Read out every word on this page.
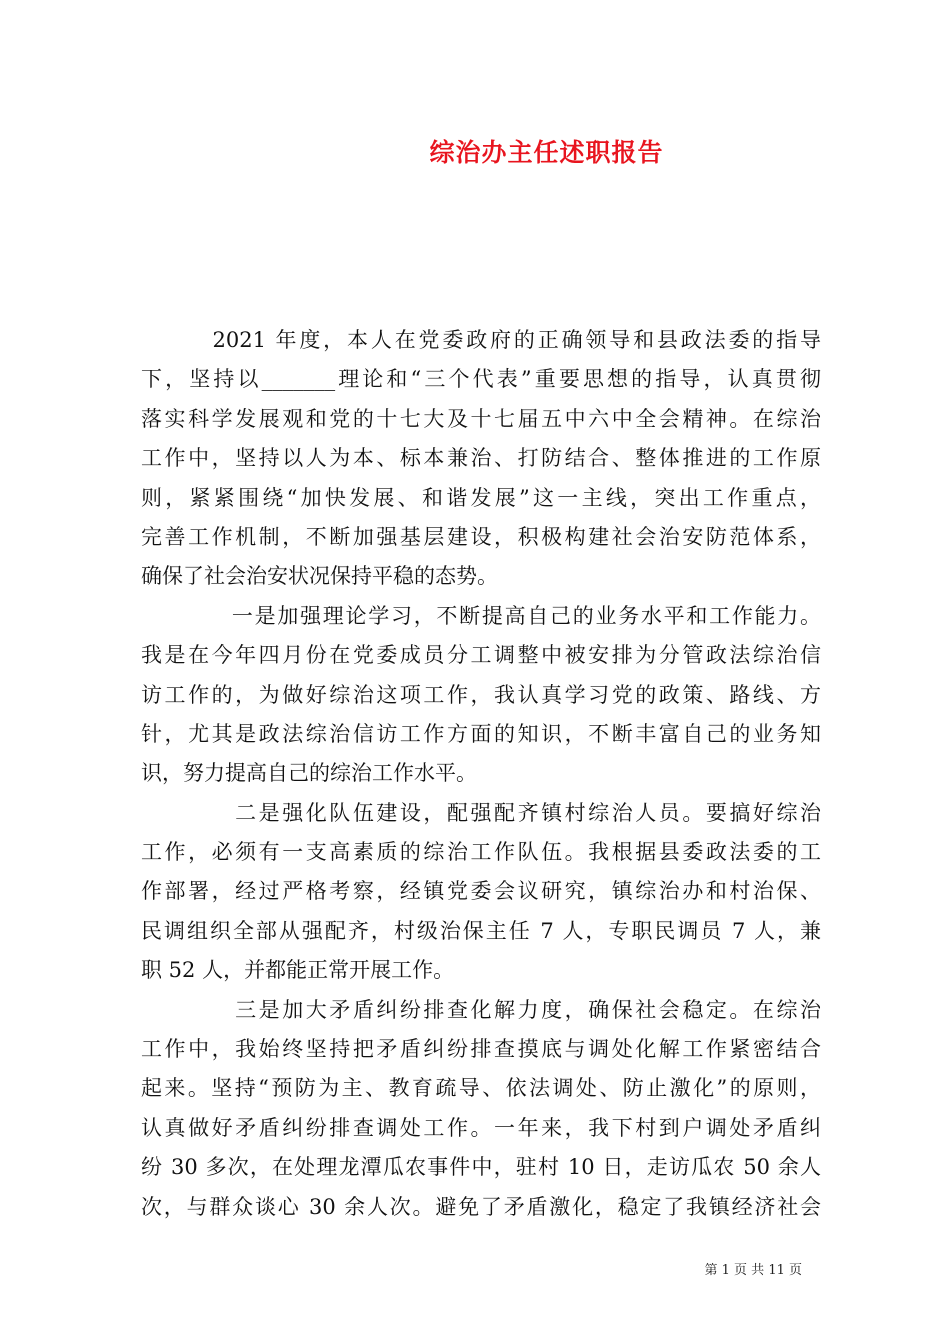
综治办主任述职报告
　　　2021 年度，本人在党委政府的正确领导和县政法委的指导
下，坚持以_______理论和“三个代表”重要思想的指导，认真贯彻
落实科学发展观和党的十七大及十七届五中六中全会精神。在综治
工作中，坚持以人为本、标本兼治、打防结合、整体推进的工作原
则，紧紧围绕“加快发展、和谐发展”这一主线，突出工作重点，
完善工作机制，不断加强基层建设，积极构建社会治安防范体系，
确保了社会治安状况保持平稳的态势。
　　　　一是加强理论学习，不断提高自己的业务水平和工作能力。
我是在今年四月份在党委成员分工调整中被安排为分管政法综治信
访工作的，为做好综治这项工作，我认真学习党的政策、路线、方
针，尤其是政法综治信访工作方面的知识，不断丰富自己的业务知
识，努力提高自己的综治工作水平。
　　　　二是强化队伍建设，配强配齐镇村综治人员。要搞好综治
工作，必须有一支高素质的综治工作队伍。我根据县委政法委的工
作部署，经过严格考察，经镇党委会议研究，镇综治办和村治保、
民调组织全部从强配齐，村级治保主任 7 人，专职民调员 7 人，兼
职 52 人，并都能正常开展工作。
　　　　三是加大矛盾纠纷排查化解力度，确保社会稳定。在综治
工作中，我始终坚持把矛盾纠纷排查摸底与调处化解工作紧密结合
起来。坚持“预防为主、教育疏导、依法调处、防止激化”的原则，
认真做好矛盾纠纷排查调处工作。一年来，我下村到户调处矛盾纠
纷 30 多次，在处理龙潭瓜农事件中，驻村 10 日，走访瓜农 50 余人
次，与群众谈心 30 余人次。避免了矛盾激化，稳定了我镇经济社会
第 1 页 共 11 页
